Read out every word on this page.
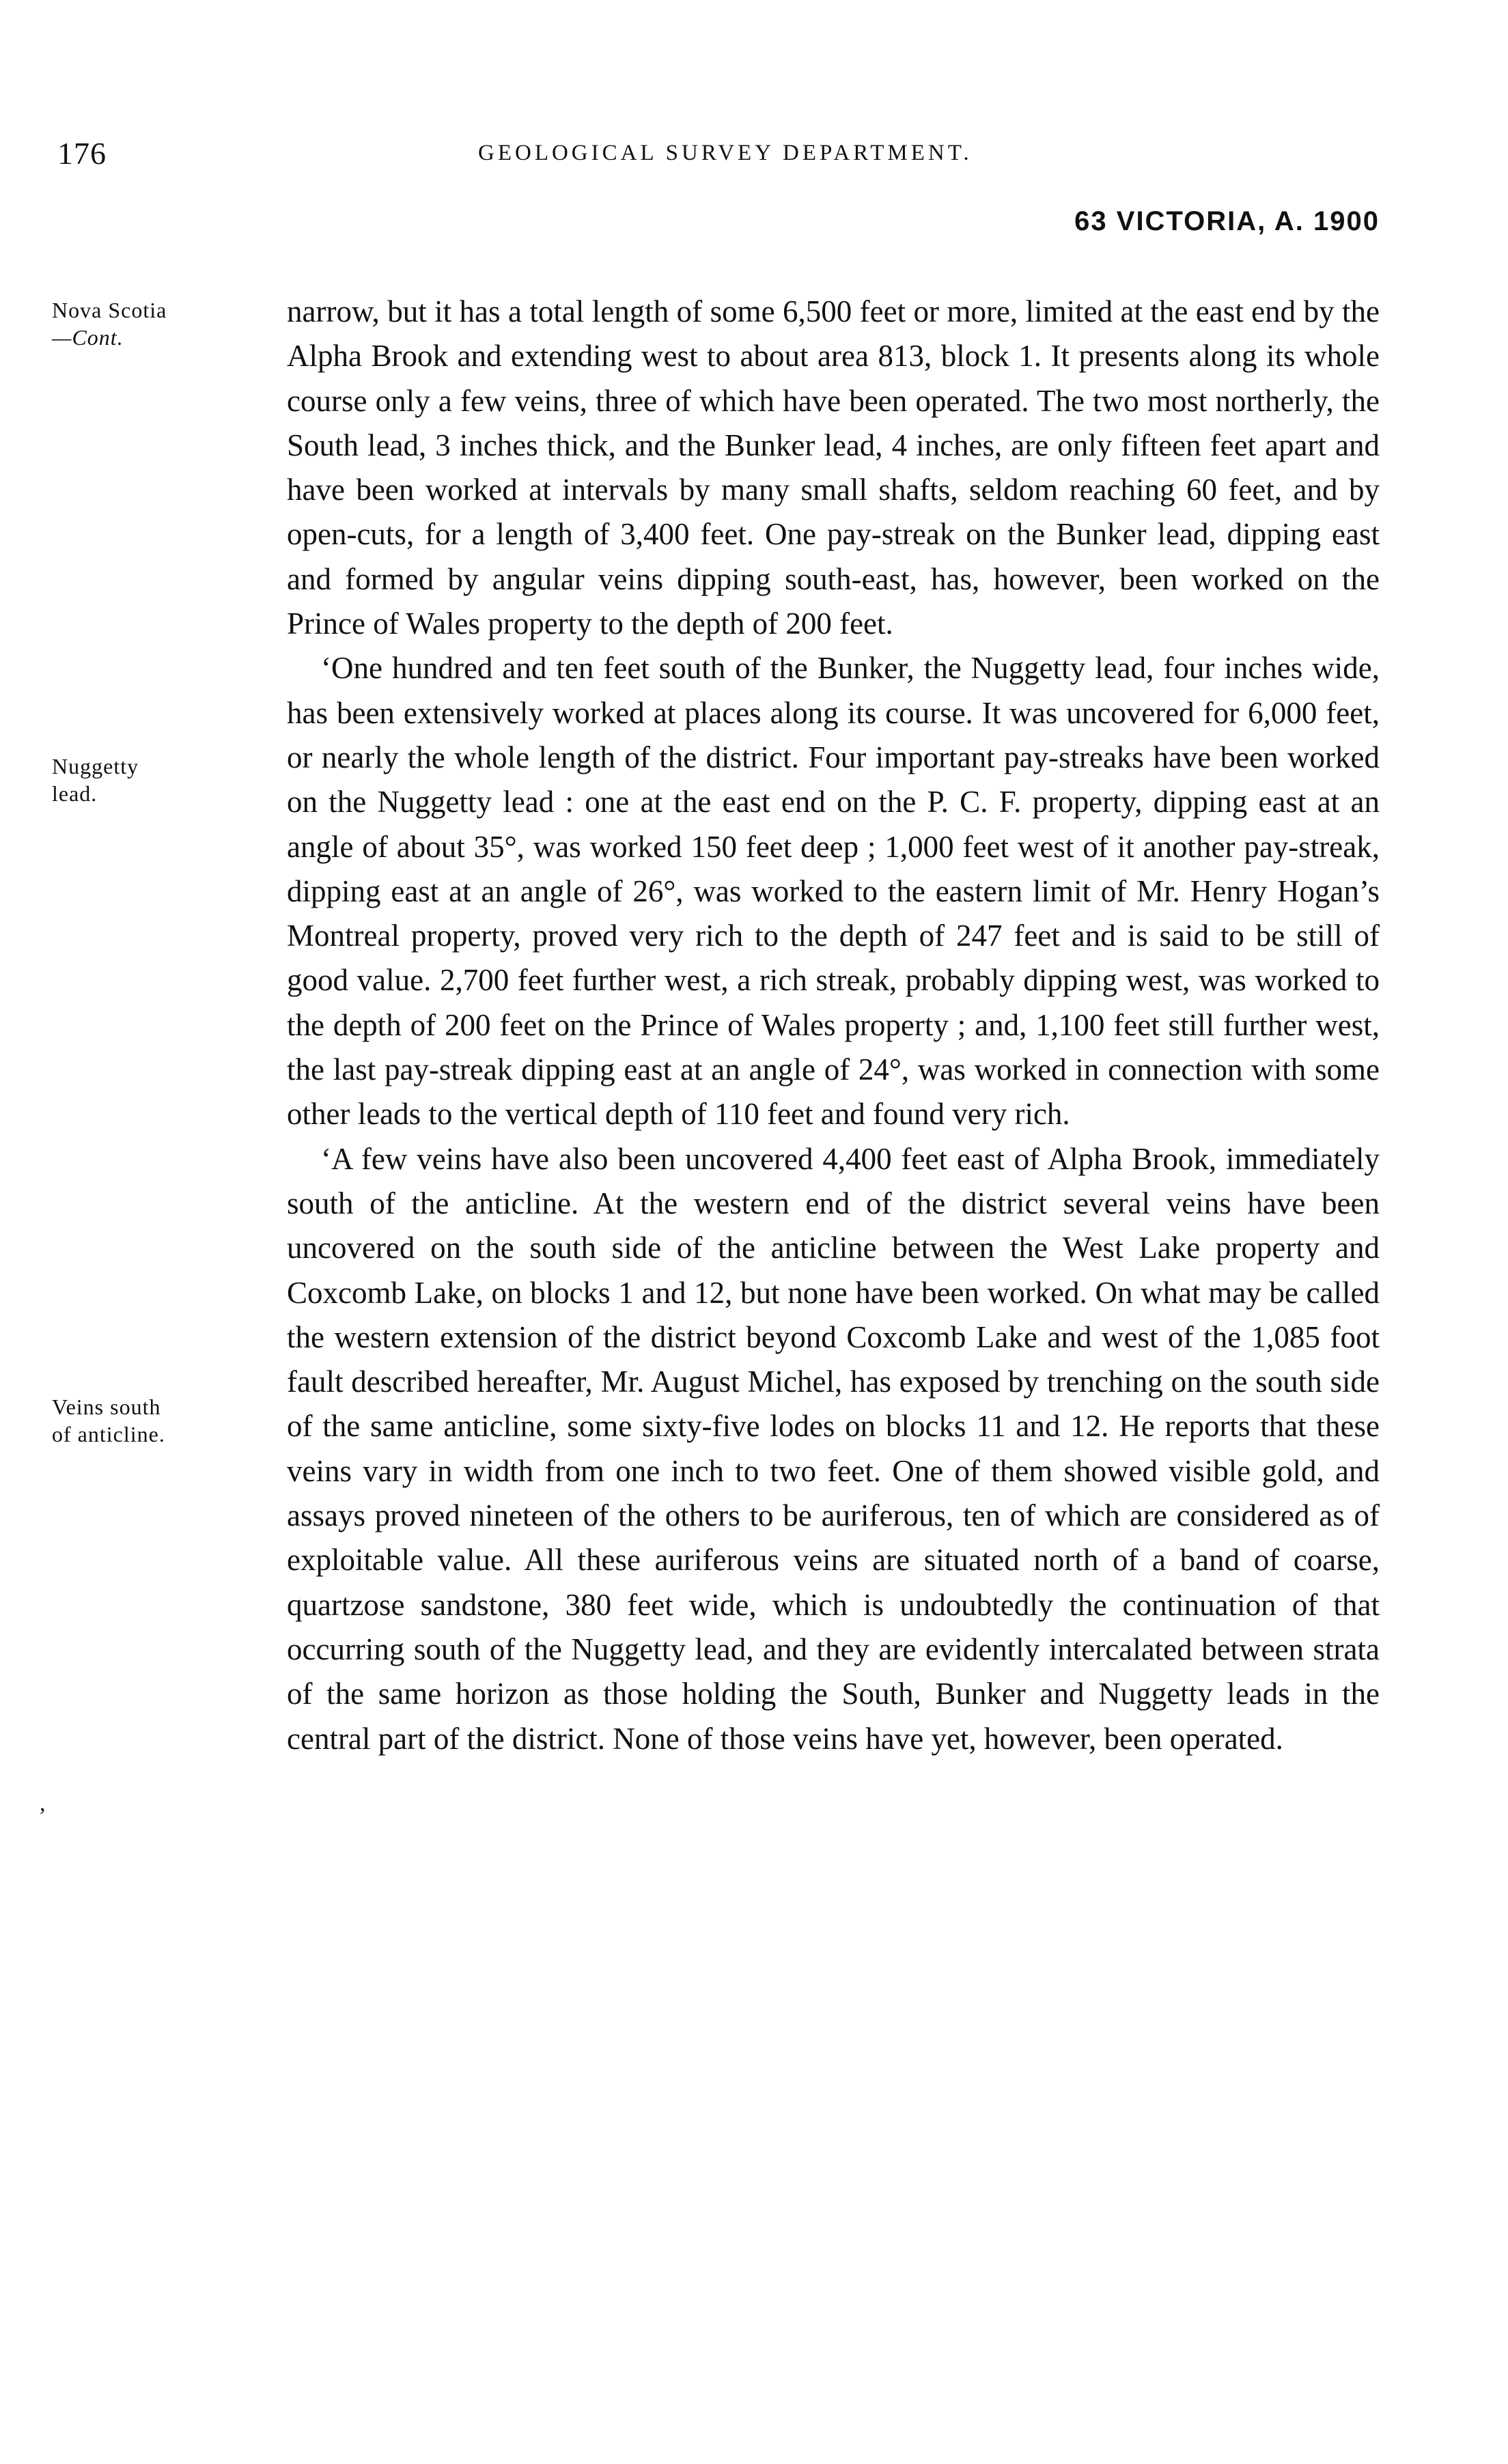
176	GEOLOGICAL SURVEY DEPARTMENT.
63 VICTORIA, A. 1900
Nova Scotia
—Cont.
Nuggetty
lead.
Veins south
of anticline.
,

narrow, but it has a total length of some 6,500 feet or more, limited at the east end by the Alpha Brook and extending west to about area 813, block 1. It presents along its whole course only a few veins, three of which have been operated. The two most northerly, the South lead, 3 inches thick, and the Bunker lead, 4 inches, are only fifteen feet apart and have been worked at intervals by many small shafts, seldom reaching 60 feet, and by open-cuts, for a length of 3,400 feet. One pay-streak on the Bunker lead, dipping east and formed by angular veins dipping south-east, has, however, been worked on the Prince of Wales property to the depth of 200 feet.

‘One hundred and ten feet south of the Bunker, the Nuggetty lead, four inches wide, has been extensively worked at places along its course. It was uncovered for 6,000 feet, or nearly the whole length of the district. Four important pay-streaks have been worked on the Nuggetty lead : one at the east end on the P. C. F. property, dipping east at an angle of about 35°, was worked 150 feet deep ; 1,000 feet west of it another pay-streak, dipping east at an angle of 26°, was worked to the eastern limit of Mr. Henry Hogan’s Montreal property, proved very rich to the depth of 247 feet and is said to be still of good value. 2,700 feet further west, a rich streak, probably dipping west, was worked to the depth of 200 feet on the Prince of Wales property ; and, 1,100 feet still further west, the last pay-streak dipping east at an angle of 24°, was worked in connection with some other leads to the vertical depth of 110 feet and found very rich.

‘A few veins have also been uncovered 4,400 feet east of Alpha Brook, immediately south of the anticline. At the western end of the district several veins have been uncovered on the south side of the anticline between the West Lake property and Coxcomb Lake, on blocks 1 and 12, but none have been worked. On what may be called the western extension of the district beyond Coxcomb Lake and west of the 1,085 foot fault described hereafter, Mr. August Michel, has exposed by trenching on the south side of the same anticline, some sixty-five lodes on blocks 11 and 12. He reports that these veins vary in width from one inch to two feet. One of them showed visible gold, and assays proved nineteen of the others to be auriferous, ten of which are considered as of exploitable value. All these auriferous veins are situated north of a band of coarse, quartzose sandstone, 380 feet wide, which is undoubtedly the continuation of that occurring south of the Nuggetty lead, and they are evidently intercalated between strata of the same horizon as those holding the South, Bunker and Nuggetty leads in the central part of the district. None of those veins have yet, however, been operated.
